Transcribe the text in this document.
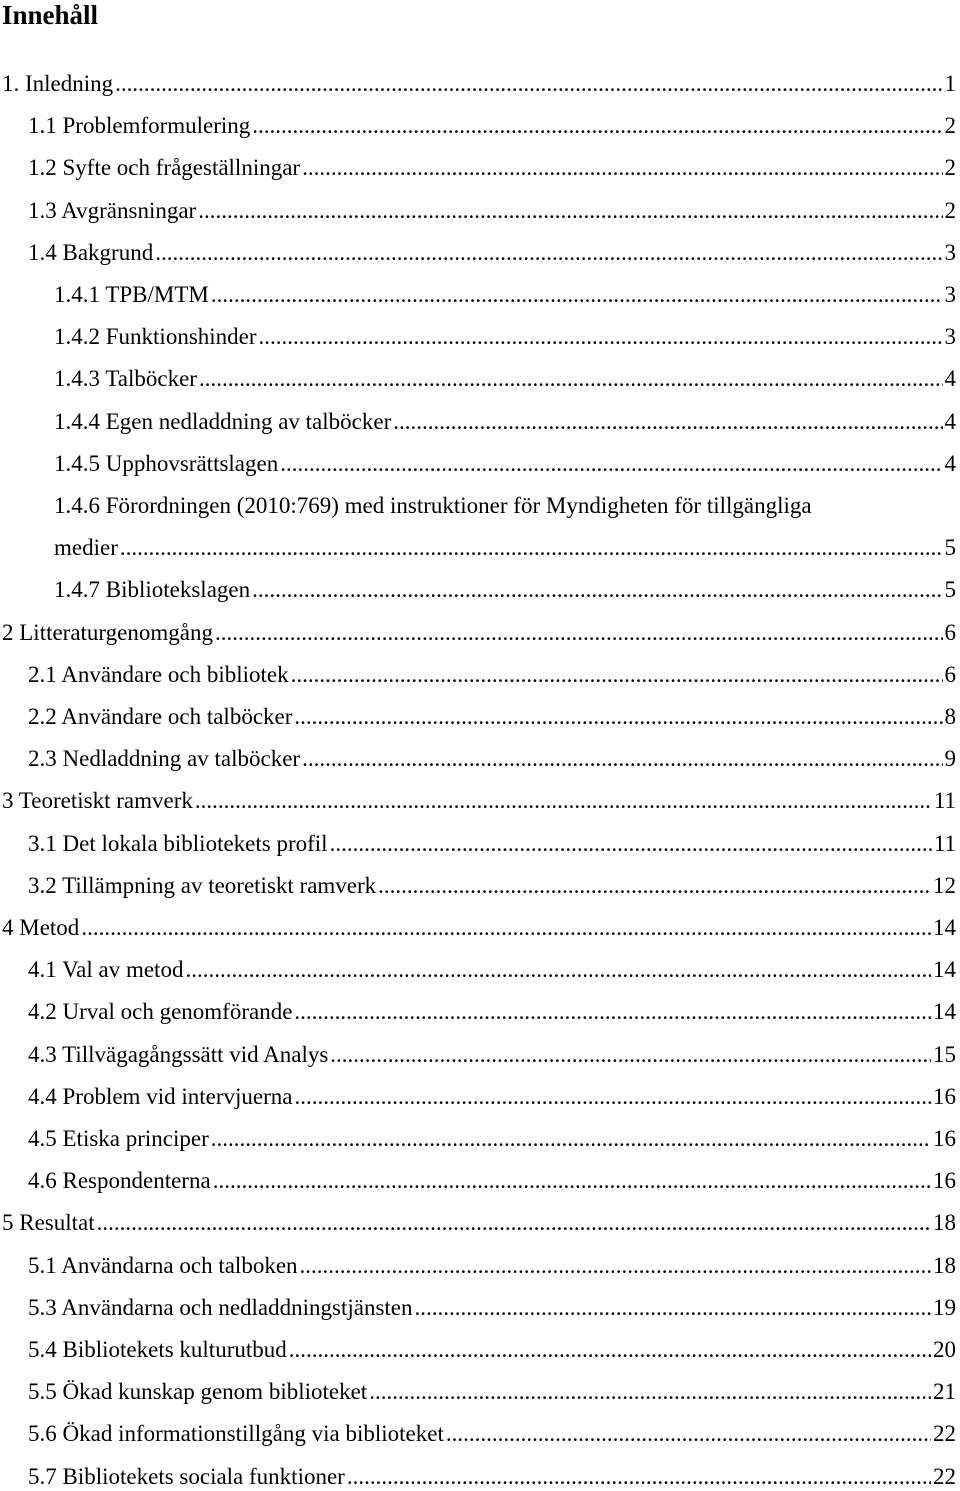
Innehåll
1. Inledning .....	1
1.1 Problemformulering .....	2
1.2 Syfte och frågeställningar .....	2
1.3 Avgränsningar .....	2
1.4 Bakgrund .....	3
1.4.1 TPB/MTM .....	3
1.4.2 Funktionshinder .....	3
1.4.3 Talböcker .....	4
1.4.4 Egen nedladdning av talböcker .....	4
1.4.5 Upphovsrättslagen .....	4
1.4.6 Förordningen (2010:769) med instruktioner för Myndigheten för tillgängliga
medier .....	5
1.4.7 Bibliotekslagen .....	5
2 Litteraturgenomgång .....	6
2.1 Användare och bibliotek .....	6
2.2 Användare och talböcker .....	8
2.3 Nedladdning av talböcker .....	9
3 Teoretiskt ramverk .....	11
3.1 Det lokala bibliotekets profil .....	11
3.2 Tillämpning av teoretiskt ramverk .....	12
4 Metod .....	14
4.1 Val av metod .....	14
4.2 Urval och genomförande .....	14
4.3 Tillvägagångssätt vid Analys .....	15
4.4 Problem vid intervjuerna .....	16
4.5 Etiska principer .....	16
4.6 Respondenterna .....	16
5 Resultat .....	18
5.1 Användarna och talboken .....	18
5.3 Användarna och nedladdningstjänsten .....	19
5.4 Bibliotekets kulturutbud .....	20
5.5 Ökad kunskap genom biblioteket .....	21
5.6 Ökad informationstillgång via biblioteket .....	22
5.7 Bibliotekets sociala funktioner .....	22
